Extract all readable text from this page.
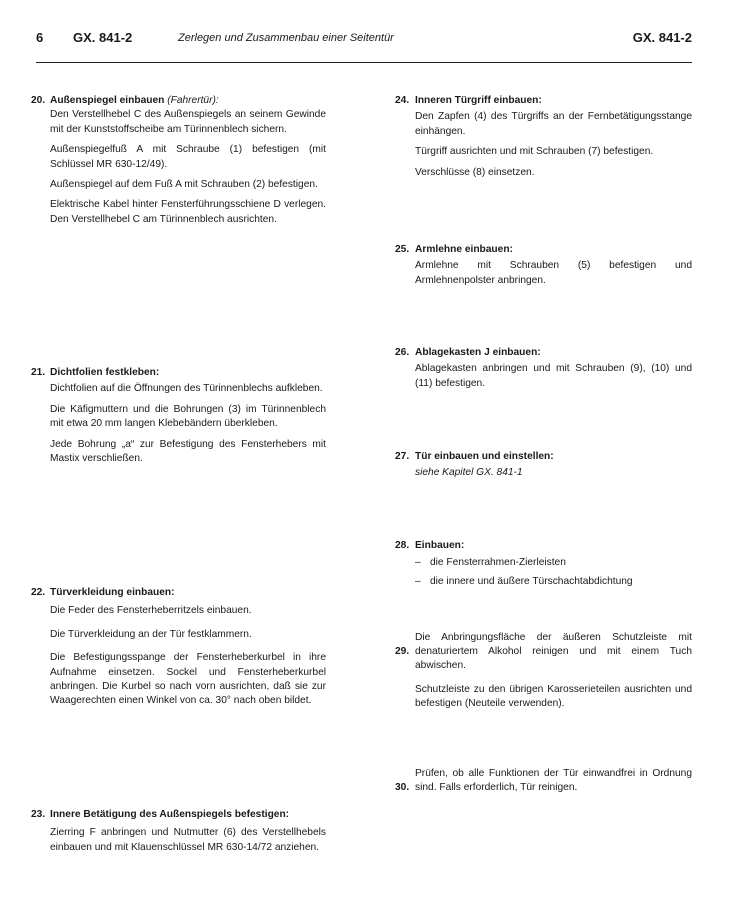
6 GX. 841-2	Zerlegen und Zusammenbau einer Seitentür	GX. 841-2
20. Außenspiegel einbauen (Fahrertür):

Den Verstellhebel C des Außenspiegels an seinem Gewinde mit der Kunststoffscheibe am Türinnenblech sichern.

Außenspiegelfuß A mit Schraube (1) befestigen (mit Schlüssel MR 630-12/49).

Außenspiegel auf dem Fuß A mit Schrauben (2) befestigen.

Elektrische Kabel hinter Fensterführungsschiene D verlegen. Den Verstellhebel C am Türinnenblech ausrichten.

21. Dichtfolien festkleben:

Dichtfolien auf die Öffnungen des Türinnenblechs aufkleben.

Die Käfigmuttern und die Bohrungen (3) im Türinnenblech mit etwa 20 mm langen Klebebändern überkleben.

Jede Bohrung „a“ zur Befestigung des Fensterhebers mit Mastix verschließen.

22. Türverkleidung einbauen:

Die Feder des Fensterheberritzels einbauen.

Die Türverkleidung an der Tür festklammern.

Die Befestigungsspange der Fensterheberkurbel in ihre Aufnahme einsetzen. Sockel und Fensterheberkurbel anbringen. Die Kurbel so nach vorn ausrichten, daß sie zur Waagerechten einen Winkel von ca. 30° nach oben bildet.

23. Innere Betätigung des Außenspiegels befestigen:

Zierring F anbringen und Nutmutter (6) des Verstellhebels einbauen und mit Klauenschlüssel MR 630-14/72 anziehen.

24. Inneren Türgriff einbauen:

Den Zapfen (4) des Türgriffs an der Fernbetätigungsstange einhängen.

Türgriff ausrichten und mit Schrauben (7) befestigen.

Verschlüsse (8) einsetzen.

25. Armlehne einbauen:

Armlehne mit Schrauben (5) befestigen und Armlehnenpolster anbringen.

26. Ablagekasten J einbauen:

Ablagekasten anbringen und mit Schrauben (9), (10) und (11) befestigen.

27. Tür einbauen und einstellen:

siehe Kapitel GX. 841-1

28. Einbauen:
– die Fensterrahmen-Zierleisten
– die innere und äußere Türschachtabdichtung
29.

Die Anbringungsfläche der äußeren Schutzleiste mit denaturiertem Alkohol reinigen und mit einem Tuch abwischen.

Schutzleiste zu den übrigen Karosserieteilen ausrichten und befestigen (Neuteile verwenden).

30.

Prüfen, ob alle Funktionen der Tür einwandfrei in Ordnung sind. Falls erforderlich, Tür reinigen.
